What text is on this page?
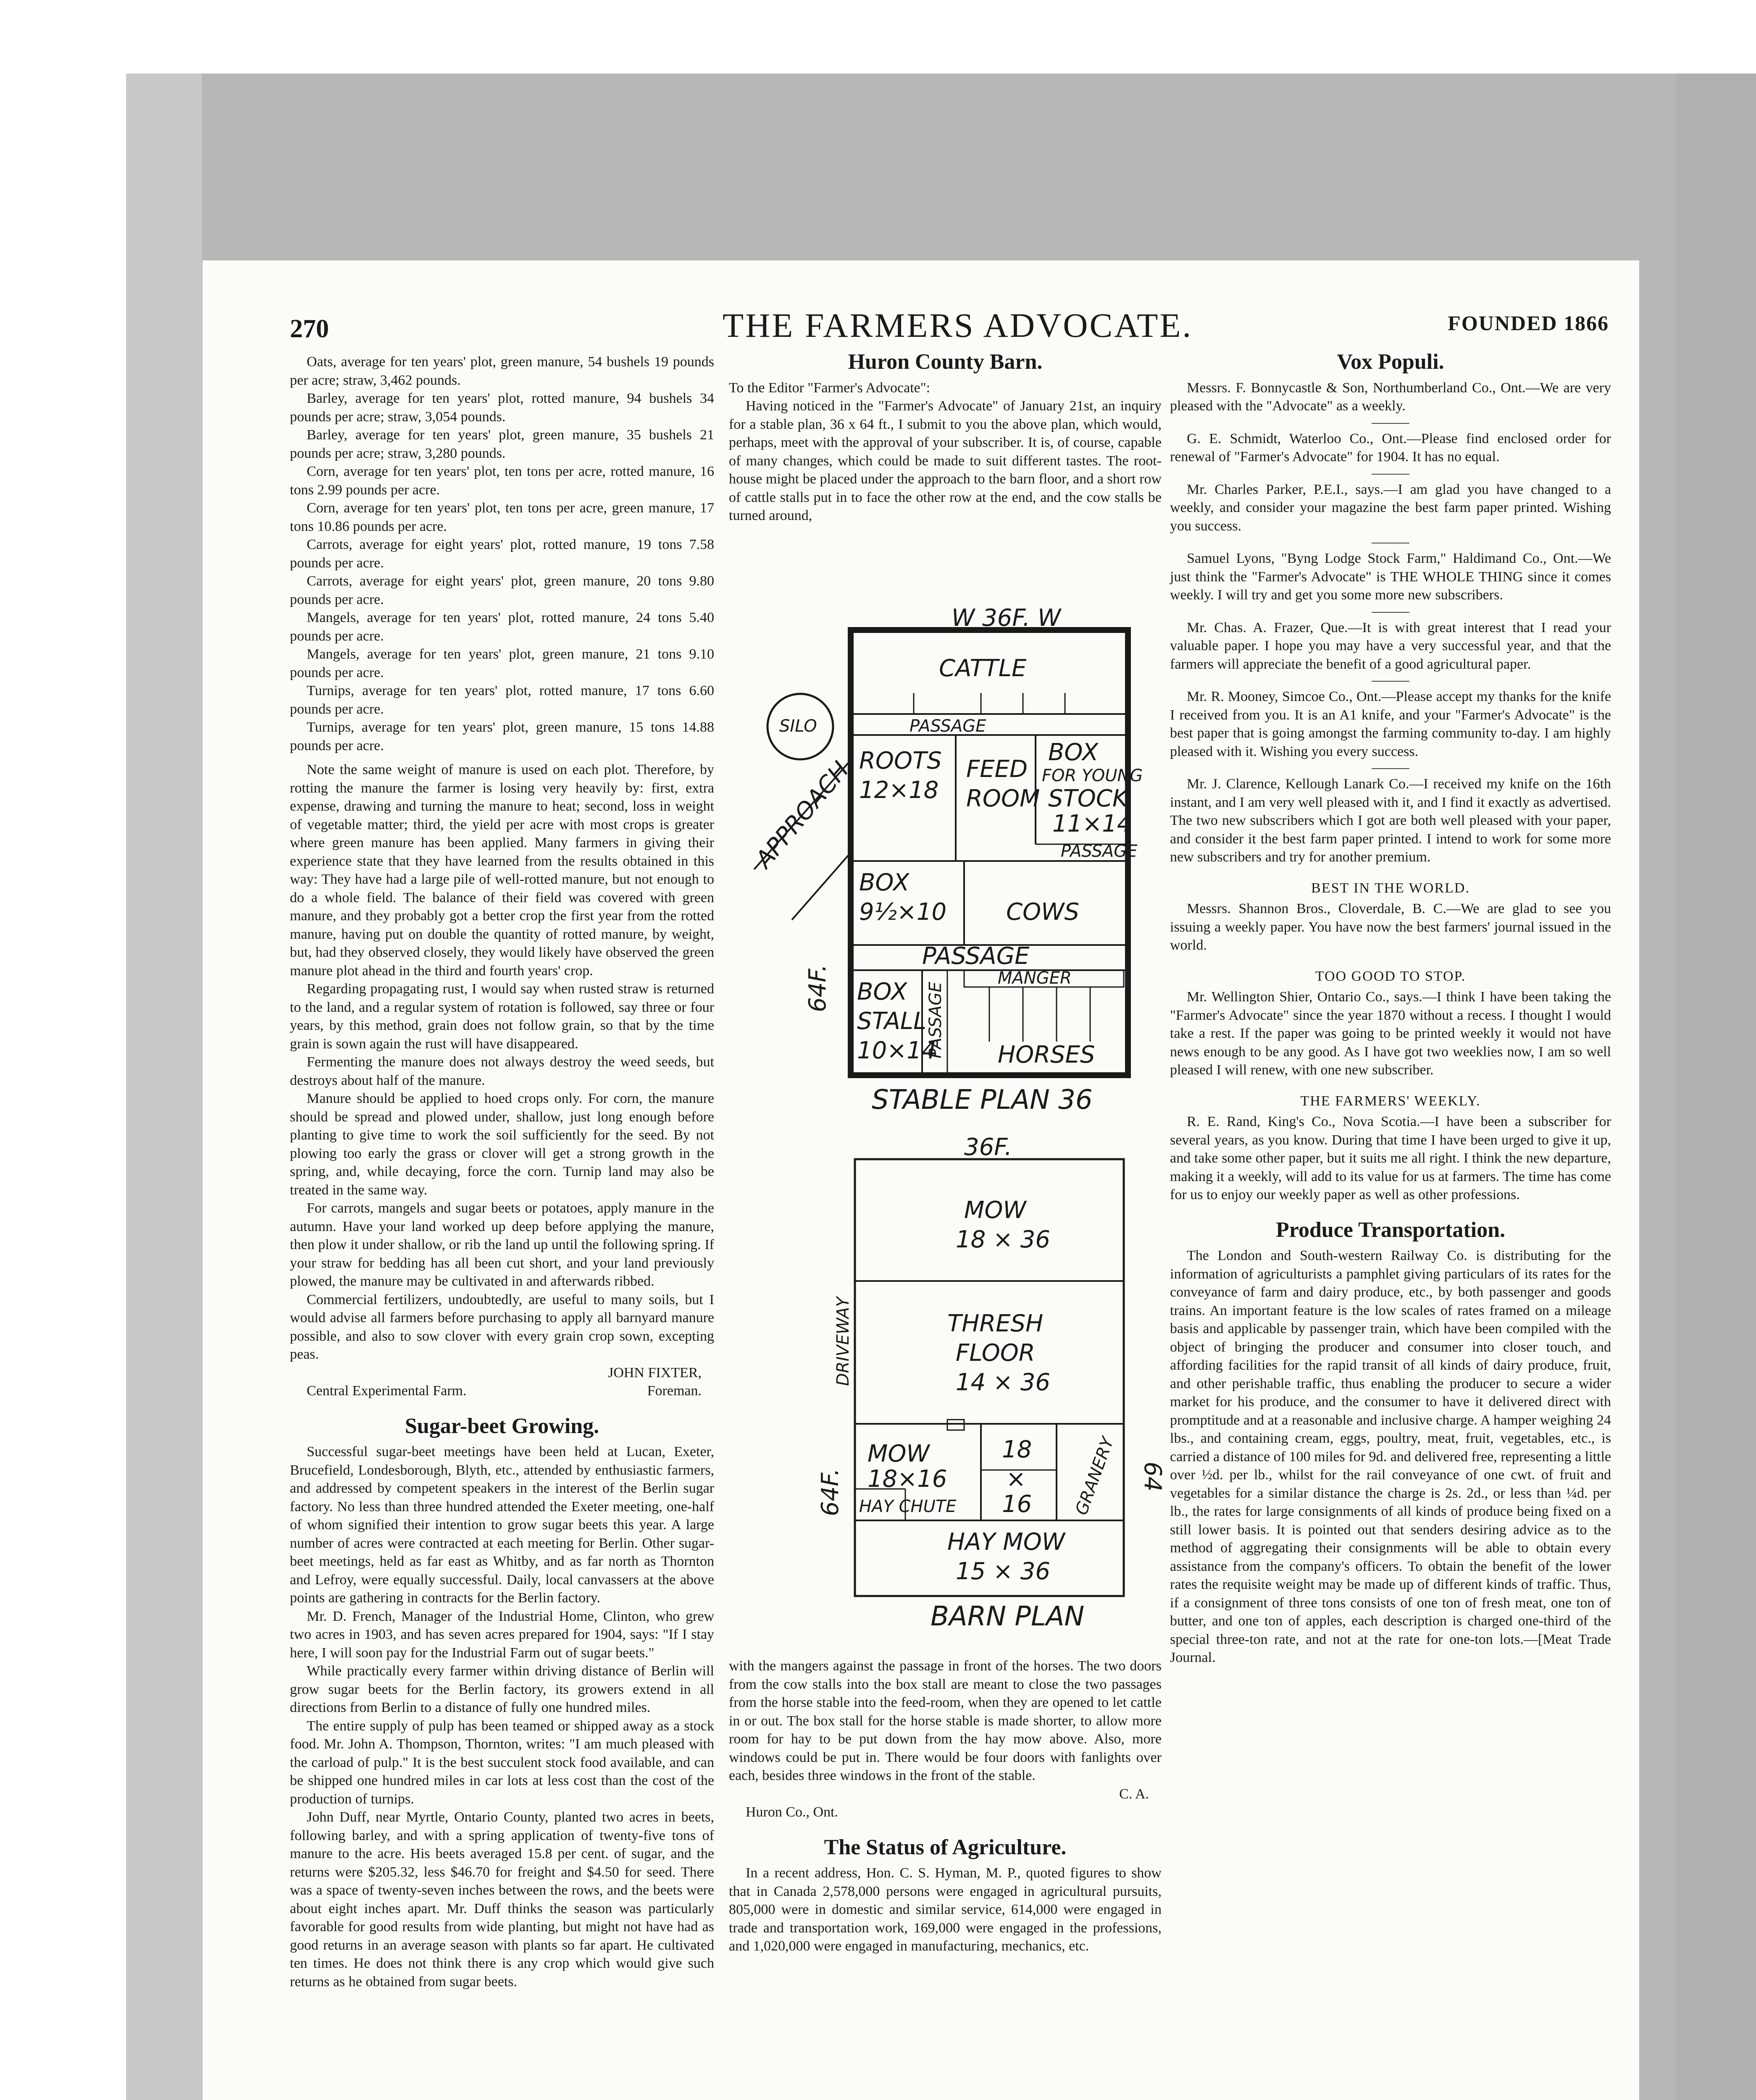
270	THE FARMERS ADVOCATE.	FOUNDED 1866

Oats, average for ten years' plot, green manure, 54 bushels 19 pounds per acre; straw, 3,462 pounds.

Barley, average for ten years' plot, rotted manure, 94 bushels 34 pounds per acre; straw, 3,054 pounds.

Barley, average for ten years' plot, green manure, 35 bushels 21 pounds per acre; straw, 3,280 pounds.

Corn, average for ten years' plot, ten tons per acre, rotted manure, 16 tons 2.99 pounds per acre.

Corn, average for ten years' plot, ten tons per acre, green manure, 17 tons 10.86 pounds per acre.

Carrots, average for eight years' plot, rotted manure, 19 tons 7.58 pounds per acre.

Carrots, average for eight years' plot, green manure, 20 tons 9.80 pounds per acre.

Mangels, average for ten years' plot, rotted manure, 24 tons 5.40 pounds per acre.

Mangels, average for ten years' plot, green manure, 21 tons 9.10 pounds per acre.

Turnips, average for ten years' plot, rotted manure, 17 tons 6.60 pounds per acre.

Turnips, average for ten years' plot, green manure, 15 tons 14.88 pounds per acre.

Note the same weight of manure is used on each plot. Therefore, by rotting the manure the farmer is losing very heavily by: first, extra expense, drawing and turning the manure to heat; second, loss in weight of vegetable matter; third, the yield per acre with most crops is greater where green manure has been applied. Many farmers in giving their experience state that they have learned from the results obtained in this way: They have had a large pile of well-rotted manure, but not enough to do a whole field. The balance of their field was covered with green manure, and they probably got a better crop the first year from the rotted manure, having put on double the quantity of rotted manure, by weight, but, had they observed closely, they would likely have observed the green manure plot ahead in the third and fourth years' crop.

Regarding propagating rust, I would say when rusted straw is returned to the land, and a regular system of rotation is followed, say three or four years, by this method, grain does not follow grain, so that by the time grain is sown again the rust will have disappeared.

Fermenting the manure does not always destroy the weed seeds, but destroys about half of the manure.

Manure should be applied to hoed crops only. For corn, the manure should be spread and plowed under, shallow, just long enough before planting to give time to work the soil sufficiently for the seed. By not plowing too early the grass or clover will get a strong growth in the spring, and, while decaying, force the corn. Turnip land may also be treated in the same way.

For carrots, mangels and sugar beets or potatoes, apply manure in the autumn. Have your land worked up deep before applying the manure, then plow it under shallow, or rib the land up until the following spring. If your straw for bedding has all been cut short, and your land previously plowed, the manure may be cultivated in and afterwards ribbed.

Commercial fertilizers, undoubtedly, are useful to many soils, but I would advise all farmers before purchasing to apply all barnyard manure possible, and also to sow clover with every grain crop sown, excepting peas.

JOHN FIXTER,
Central Experimental Farm.	Foreman.
Sugar-beet Growing.

Successful sugar-beet meetings have been held at Lucan, Exeter, Brucefield, Londesborough, Blyth, etc., attended by enthusiastic farmers, and addressed by competent speakers in the interest of the Berlin sugar factory. No less than three hundred attended the Exeter meeting, one-half of whom signified their intention to grow sugar beets this year. A large number of acres were contracted at each meeting for Berlin. Other sugar-beet meetings, held as far east as Whitby, and as far north as Thornton and Lefroy, were equally successful. Daily, local canvassers at the above points are gathering in contracts for the Berlin factory.

Mr. D. French, Manager of the Industrial Home, Clinton, who grew two acres in 1903, and has seven acres prepared for 1904, says: "If I stay here, I will soon pay for the Industrial Farm out of sugar beets."

While practically every farmer within driving distance of Berlin will grow sugar beets for the Berlin factory, its growers extend in all directions from Berlin to a distance of fully one hundred miles.

The entire supply of pulp has been teamed or shipped away as a stock food. Mr. John A. Thompson, Thornton, writes: "I am much pleased with the carload of pulp." It is the best succulent stock food available, and can be shipped one hundred miles in car lots at less cost than the cost of the production of turnips.

John Duff, near Myrtle, Ontario County, planted two acres in beets, following barley, and with a spring application of twenty-five tons of manure to the acre. His beets averaged 15.8 per cent. of sugar, and the returns were $205.32, less $46.70 for freight and $4.50 for seed. There was a space of twenty-seven inches between the rows, and the beets were about eight inches apart. Mr. Duff thinks the season was particularly favorable for good results from wide planting, but might not have had as good returns in an average season with plants so far apart. He cultivated ten times. He does not think there is any crop which would give such returns as he obtained from sugar beets.

Huron County Barn.
To the Editor "Farmer's Advocate":

Having noticed in the "Farmer's Advocate" of January 21st, an inquiry for a stable plan, 36 x 64 ft., I submit to you the above plan, which would, perhaps, meet with the approval of your subscriber. It is, of course, capable of many changes, which could be made to suit different tastes. The root-house might be placed under the approach to the barn floor, and a short row of cattle stalls put in to face the other row at the end, and the cow stalls be turned around,

W 36F. W
CATTLE
SILO	PASSAGE
ROOTS
12×18
FEED
ROOM
BOX
FOR YOUNG
STOCK
11×14
PASSAGE
APPROACH
BOX
9½×10	COWS
PASSAGE
MANGER
64F. BOX
STALL
10×14
PASSAGE HORSES
STABLE PLAN 36
36F.
MOW
18 × 36
THRESH
FLOOR
14 × 36
DRIVEWAY
MOW
18×16
HAY CHUTE
18
×
16 GRANERY
64F.	64
HAY MOW
15 × 36
BARN PLAN

with the mangers against the passage in front of the horses. The two doors from the cow stalls into the box stall are meant to close the two passages from the horse stable into the feed-room, when they are opened to let cattle in or out. The box stall for the horse stable is made shorter, to allow more room for hay to be put down from the hay mow above. Also, more windows could be put in. There would be four doors with fanlights over each, besides three windows in the front of the stable.

C. A.
Huron Co., Ont.
The Status of Agriculture.

In a recent address, Hon. C. S. Hyman, M. P., quoted figures to show that in Canada 2,578,000 persons were engaged in agricultural pursuits, 805,000 were in domestic and similar service, 614,000 were engaged in trade and transportation work, 169,000 were engaged in the professions, and 1,020,000 were engaged in manufacturing, mechanics, etc.

Vox Populi.

Messrs. F. Bonnycastle & Son, Northumberland Co., Ont.—We are very pleased with the "Advocate" as a weekly.

G. E. Schmidt, Waterloo Co., Ont.—Please find enclosed order for renewal of "Farmer's Advocate" for 1904. It has no equal.

Mr. Charles Parker, P.E.I., says.—I am glad you have changed to a weekly, and consider your magazine the best farm paper printed. Wishing you success.

Samuel Lyons, "Byng Lodge Stock Farm," Haldimand Co., Ont.—We just think the "Farmer's Advocate" is THE WHOLE THING since it comes weekly. I will try and get you some more new subscribers.

Mr. Chas. A. Frazer, Que.—It is with great interest that I read your valuable paper. I hope you may have a very successful year, and that the farmers will appreciate the benefit of a good agricultural paper.

Mr. R. Mooney, Simcoe Co., Ont.—Please accept my thanks for the knife I received from you. It is an A1 knife, and your "Farmer's Advocate" is the best paper that is going amongst the farming community to-day. I am highly pleased with it. Wishing you every success.

Mr. J. Clarence, Kellough Lanark Co.—I received my knife on the 16th instant, and I am very well pleased with it, and I find it exactly as advertised. The two new subscribers which I got are both well pleased with your paper, and consider it the best farm paper printed. I intend to work for some more new subscribers and try for another premium.

BEST IN THE WORLD.

Messrs. Shannon Bros., Cloverdale, B. C.—We are glad to see you issuing a weekly paper. You have now the best farmers' journal issued in the world.

TOO GOOD TO STOP.

Mr. Wellington Shier, Ontario Co., says.—I think I have been taking the "Farmer's Advocate" since the year 1870 without a recess. I thought I would take a rest. If the paper was going to be printed weekly it would not have news enough to be any good. As I have got two weeklies now, I am so well pleased I will renew, with one new subscriber.

THE FARMERS' WEEKLY.

R. E. Rand, King's Co., Nova Scotia.—I have been a subscriber for several years, as you know. During that time I have been urged to give it up, and take some other paper, but it suits me all right. I think the new departure, making it a weekly, will add to its value for us at farmers. The time has come for us to enjoy our weekly paper as well as other professions.

Produce Transportation.

The London and South-western Railway Co. is distributing for the information of agriculturists a pamphlet giving particulars of its rates for the conveyance of farm and dairy produce, etc., by both passenger and goods trains. An important feature is the low scales of rates framed on a mileage basis and applicable by passenger train, which have been compiled with the object of bringing the producer and consumer into closer touch, and affording facilities for the rapid transit of all kinds of dairy produce, fruit, and other perishable traffic, thus enabling the producer to secure a wider market for his produce, and the consumer to have it delivered direct with promptitude and at a reasonable and inclusive charge. A hamper weighing 24 lbs., and containing cream, eggs, poultry, meat, fruit, vegetables, etc., is carried a distance of 100 miles for 9d. and delivered free, representing a little over ½d. per lb., whilst for the rail conveyance of one cwt. of fruit and vegetables for a similar distance the charge is 2s. 2d., or less than ¼d. per lb., the rates for large consignments of all kinds of produce being fixed on a still lower basis. It is pointed out that senders desiring advice as to the method of aggregating their consignments will be able to obtain every assistance from the company's officers. To obtain the benefit of the lower rates the requisite weight may be made up of different kinds of traffic. Thus, if a consignment of three tons consists of one ton of fresh meat, one ton of butter, and one ton of apples, each description is charged one-third of the special three-ton rate, and not at the rate for one-ton lots.—[Meat Trade Journal.
